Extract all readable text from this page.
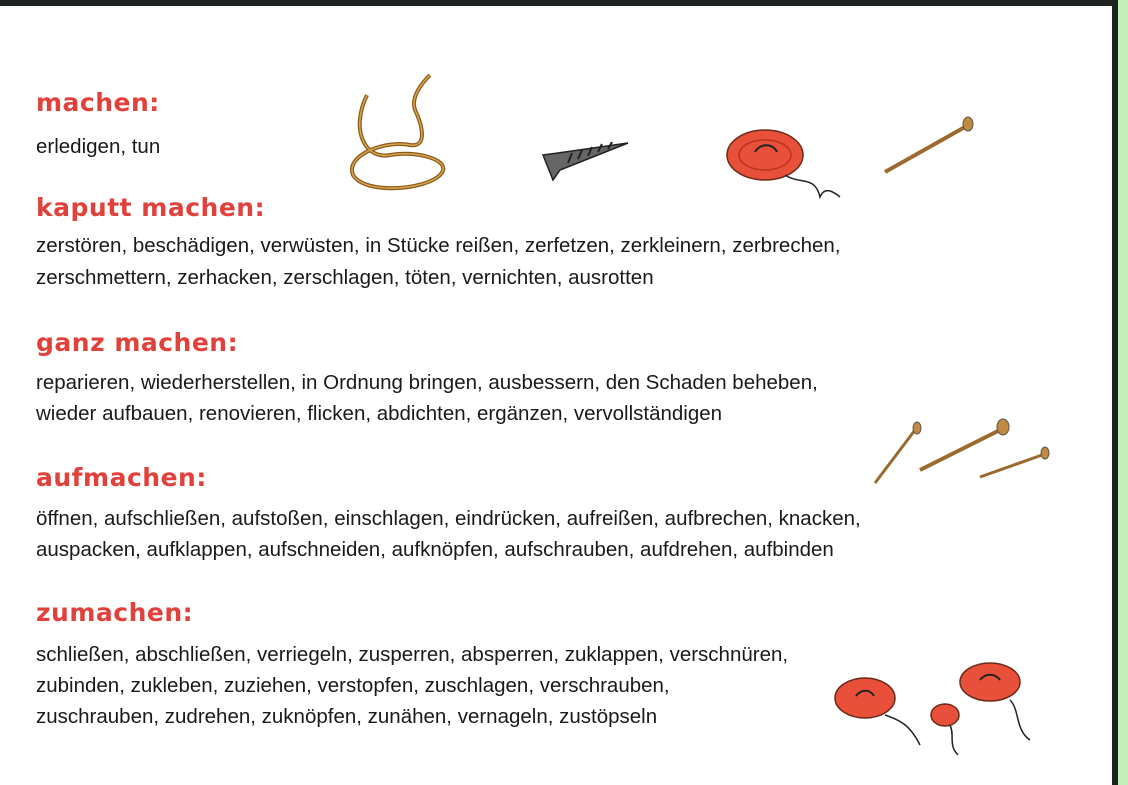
machen:
erledigen, tun
kaputt machen:
zerstören, beschädigen, verwüsten, in Stücke reißen, zerfetzen, zerkleinern, zerbrechen,
zerschmettern, zerhacken, zerschlagen, töten, vernichten, ausrotten
ganz machen:
reparieren, wiederherstellen, in Ordnung bringen, ausbessern, den Schaden beheben,
wieder aufbauen, renovieren, flicken, abdichten, ergänzen, vervollständigen
aufmachen:
öffnen, aufschließen, aufstoßen, einschlagen, eindrücken, aufreißen, aufbrechen, knacken,
auspacken, aufklappen, aufschneiden, aufknöpfen, aufschrauben, aufdrehen, aufbinden
zumachen:
schließen, abschließen, verriegeln, zusperren, absperren, zuklappen, verschnüren,
zubinden, zukleben, zuziehen, verstopfen, zuschlagen, verschrauben,
zuschrauben, zudrehen, zuknöpfen, zunähen, vernageln, zustöpseln
